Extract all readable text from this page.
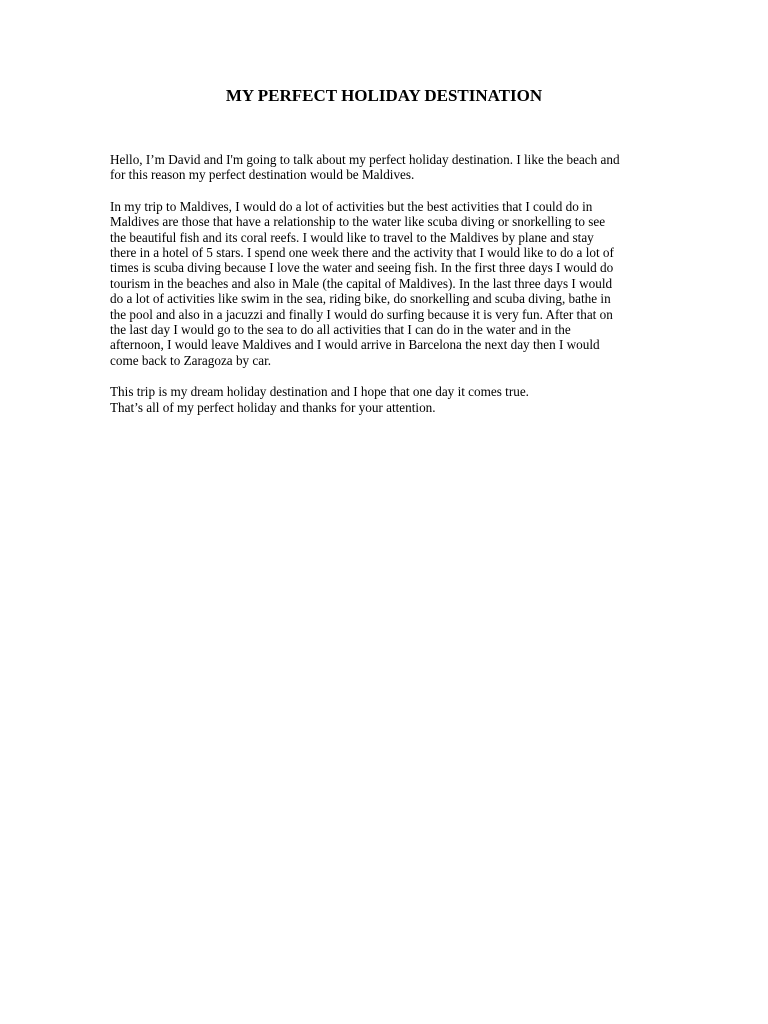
MY PERFECT HOLIDAY DESTINATION

Hello, I’m David and I'm going to talk about my perfect holiday destination. I like the beach and
for this reason my perfect destination would be Maldives.

In my trip to Maldives, I would do a lot of activities but the best activities that I could do in
Maldives are those that have a relationship to the water like scuba diving or snorkelling to see
the beautiful fish and its coral reefs. I would like to travel to the Maldives by plane and stay
there in a hotel of 5 stars. I spend one week there and the activity that I would like to do a lot of
times is scuba diving because I love the water and seeing fish. In the first three days I would do
tourism in the beaches and also in Male (the capital of Maldives). In the last three days I would
do a lot of activities like swim in the sea, riding bike, do snorkelling and scuba diving, bathe in
the pool and also in a jacuzzi and finally I would do surfing because it is very fun. After that on
the last day I would go to the sea to do all activities that I can do in the water and in the
afternoon, I would leave Maldives and I would arrive in Barcelona the next day then I would
come back to Zaragoza by car.

This trip is my dream holiday destination and I hope that one day it comes true.
That’s all of my perfect holiday and thanks for your attention.
